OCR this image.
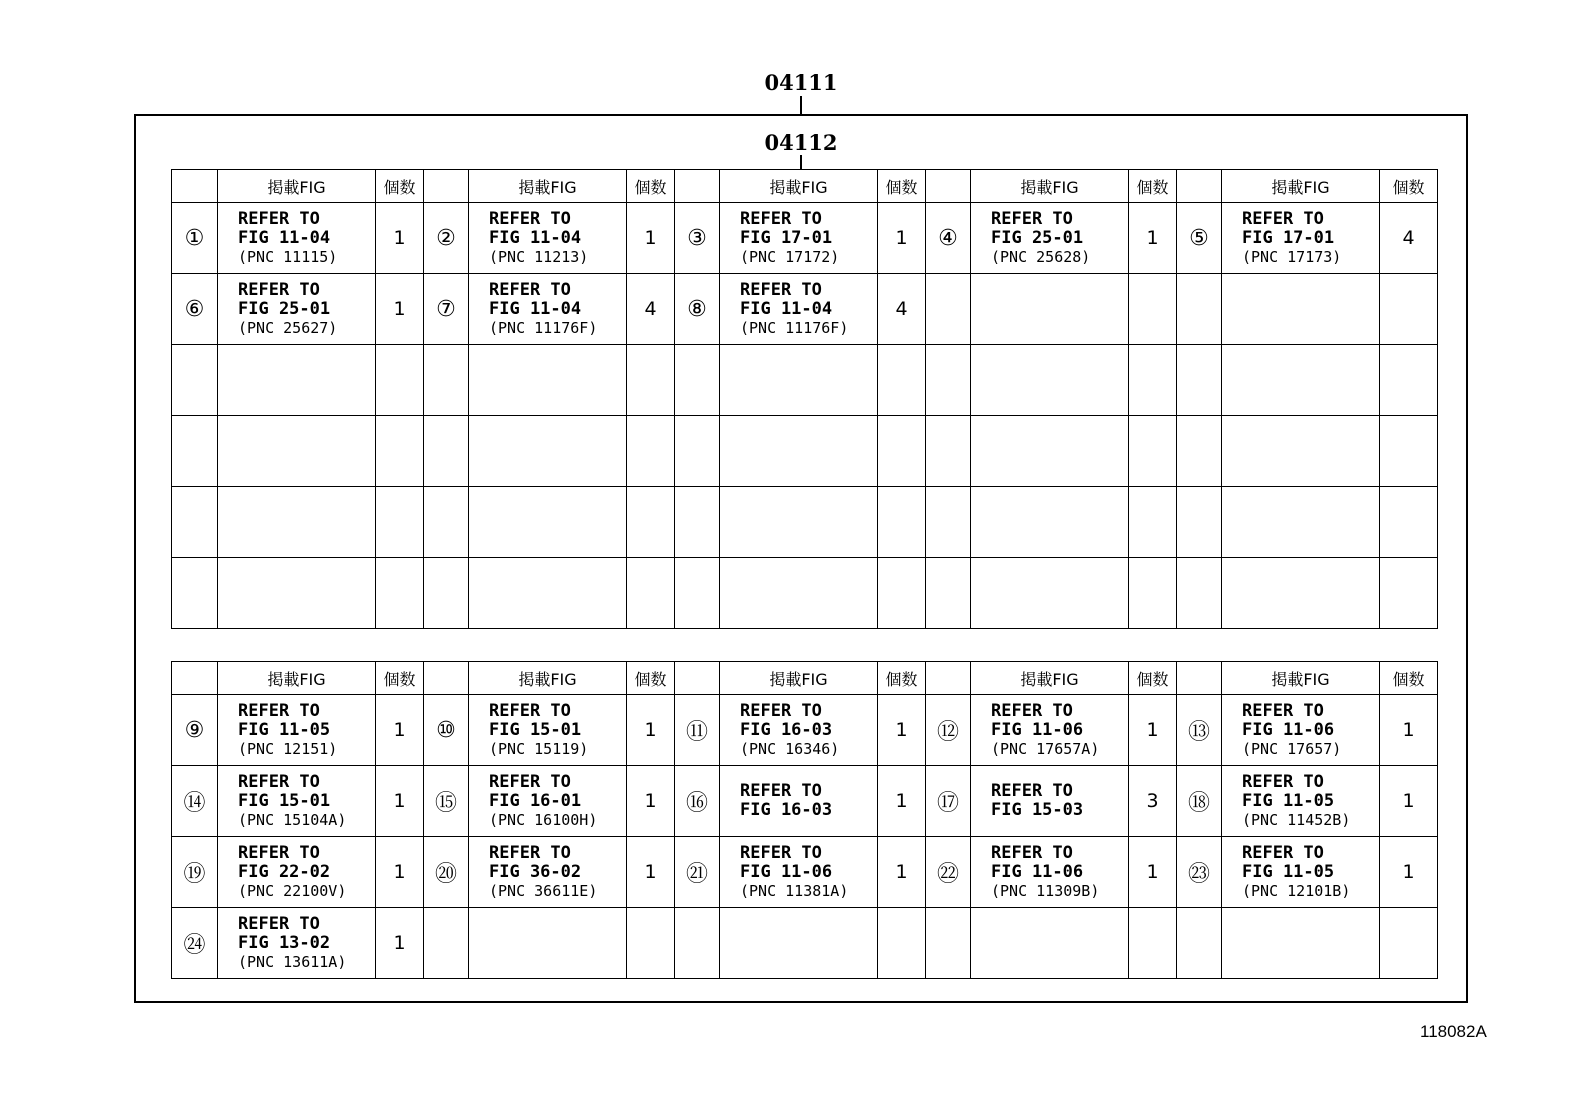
04111
04112
	掲載FIG	個数		掲載FIG	個数		掲載FIG	個数		掲載FIG	個数		掲載FIG	個数
①	REFER TO
FIG 11-04
(PNC 11115)	1	②	REFER TO
FIG 11-04
(PNC 11213)	1	③	REFER TO
FIG 17-01
(PNC 17172)	1	④	REFER TO
FIG 25-01
(PNC 25628)	1	⑤	REFER TO
FIG 17-01
(PNC 17173)	4
⑥	REFER TO
FIG 25-01
(PNC 25627)	1	⑦	REFER TO
FIG 11-04
(PNC 11176F)	4	⑧	REFER TO
FIG 11-04
(PNC 11176F)	4		

	掲載FIG	個数		掲載FIG	個数		掲載FIG	個数		掲載FIG	個数		掲載FIG	個数
⑨	REFER TO
FIG 11-05
(PNC 12151)	1	⑩	REFER TO
FIG 15-01
(PNC 15119)	1	⑪	REFER TO
FIG 16-03
(PNC 16346)	1	⑫	REFER TO
FIG 11-06
(PNC 17657A)	1	⑬	REFER TO
FIG 11-06
(PNC 17657)	1
⑭	REFER TO
FIG 15-01
(PNC 15104A)	1	⑮	REFER TO
FIG 16-01
(PNC 16100H)	1	⑯	REFER TO
FIG 16-03	1	⑰	REFER TO
FIG 15-03	3	⑱	REFER TO
FIG 11-05
(PNC 11452B)	1
⑲	REFER TO
FIG 22-02
(PNC 22100V)	1	⑳	REFER TO
FIG 36-02
(PNC 36611E)	1	㉑	REFER TO
FIG 11-06
(PNC 11381A)	1	㉒	REFER TO
FIG 11-06
(PNC 11309B)	1	㉓	REFER TO
FIG 11-05
(PNC 12101B)	1
㉔	REFER TO
FIG 13-02
(PNC 13611A)	1		

118082A
